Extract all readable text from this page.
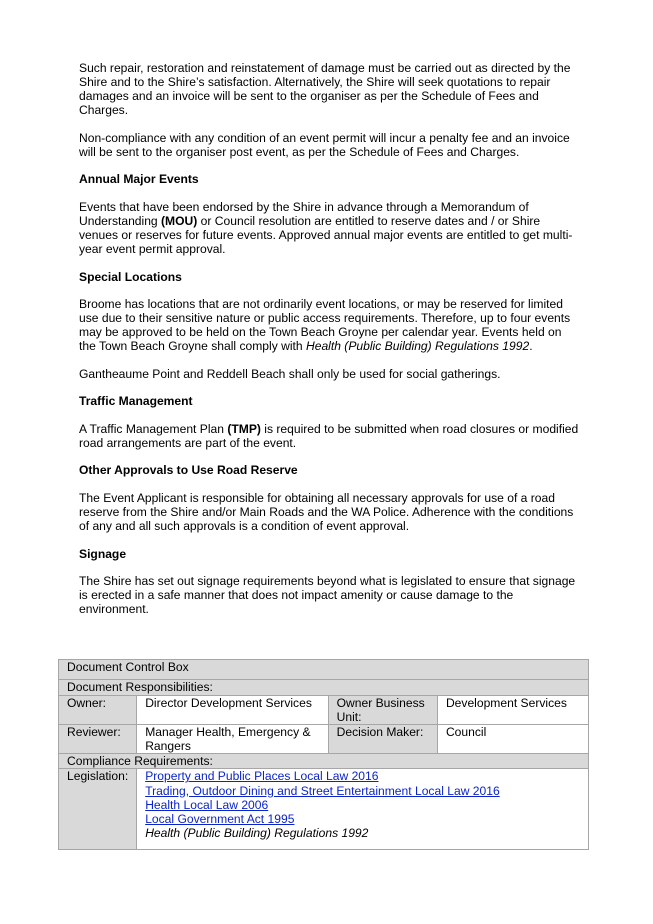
Such repair, restoration and reinstatement of damage must be carried out as directed by the Shire and to the Shire’s satisfaction. Alternatively, the Shire will seek quotations to repair damages and an invoice will be sent to the organiser as per the Schedule of Fees and Charges.

Non-compliance with any condition of an event permit will incur a penalty fee and an invoice will be sent to the organiser post event, as per the Schedule of Fees and Charges.

Annual Major Events

Events that have been endorsed by the Shire in advance through a Memorandum of Understanding (MOU) or Council resolution are entitled to reserve dates and / or Shire venues or reserves for future events. Approved annual major events are entitled to get multi-year event permit approval.

Special Locations

Broome has locations that are not ordinarily event locations, or may be reserved for limited use due to their sensitive nature or public access requirements. Therefore, up to four events may be approved to be held on the Town Beach Groyne per calendar year. Events held on the Town Beach Groyne shall comply with Health (Public Building) Regulations 1992.

Gantheaume Point and Reddell Beach shall only be used for social gatherings.

Traffic Management

A Traffic Management Plan (TMP) is required to be submitted when road closures or modified road arrangements are part of the event.

Other Approvals to Use Road Reserve

The Event Applicant is responsible for obtaining all necessary approvals for use of a road reserve from the Shire and/or Main Roads and the WA Police. Adherence with the conditions of any and all such approvals is a condition of event approval.

Signage

The Shire has set out signage requirements beyond what is legislated to ensure that signage is erected in a safe manner that does not impact amenity or cause damage to the environment.

Document Control Box			
Document Responsibilities:			
Owner:	Director Development Services	Owner Business Unit:	Development Services
Reviewer:	Manager Health, Emergency & Rangers	Decision Maker:	Council
Compliance Requirements:			
Legislation:	Property and Public Places Local Law 2016
Trading, Outdoor Dining and Street Entertainment Local Law 2016
Health Local Law 2006
Local Government Act 1995
Health (Public Building) Regulations 1992		
